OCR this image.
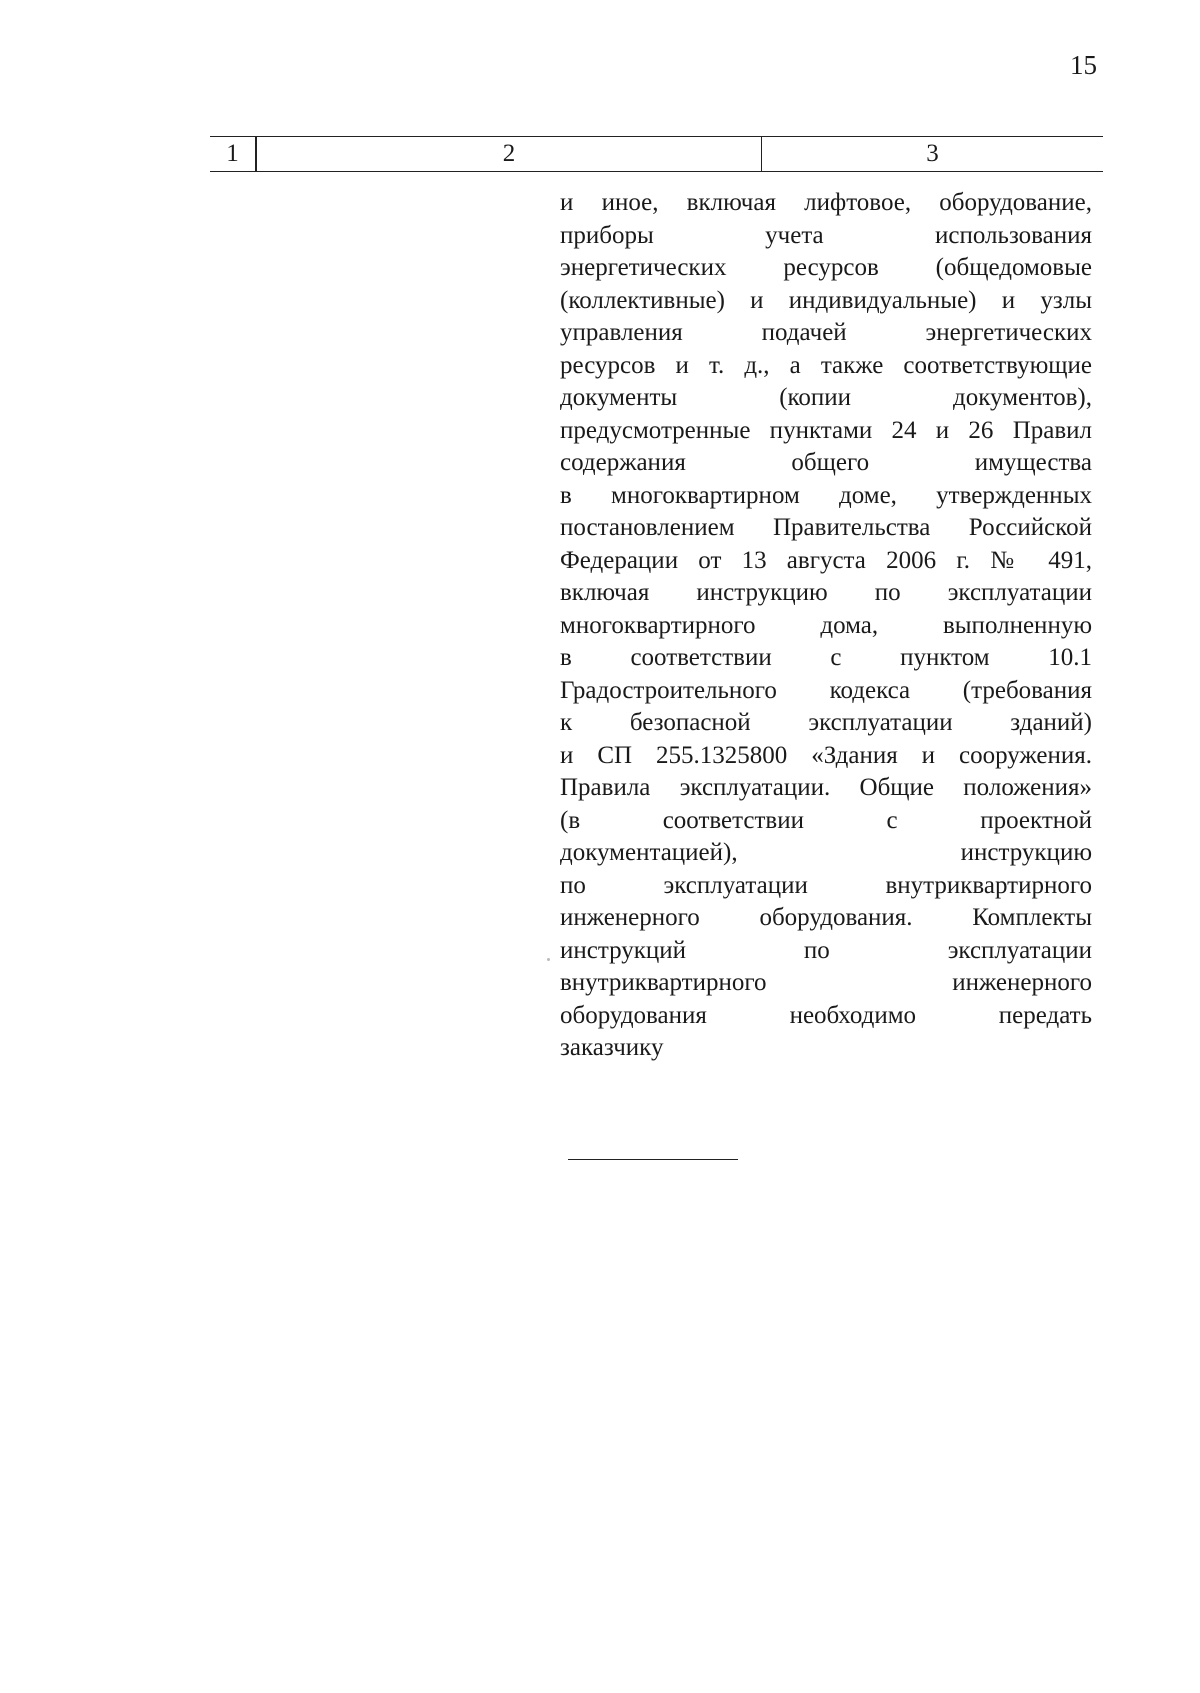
15
1	2	3
и иное, включая лифтовое, оборудование,
приборы учета использования
энергетических ресурсов (общедомовые
(коллективные) и индивидуальные) и узлы
управления подачей энергетических
ресурсов и т. д., а также соответствующие
документы (копии документов),
предусмотренные пунктами 24 и 26 Правил
содержания общего имущества
в многоквартирном доме, утвержденных
постановлением Правительства Российской
Федерации от 13 августа 2006 г. № 491,
включая инструкцию по эксплуатации
многоквартирного дома, выполненную
в соответствии с пунктом 10.1
Градостроительного кодекса (требования
к безопасной эксплуатации зданий)
и СП 255.1325800 «Здания и сооружения.
Правила эксплуатации. Общие положения»
(в соответствии с проектной
документацией), инструкцию
по эксплуатации внутриквартирного
инженерного оборудования. Комплекты
инструкций по эксплуатации
внутриквартирного инженерного
оборудования необходимо передать
заказчику
